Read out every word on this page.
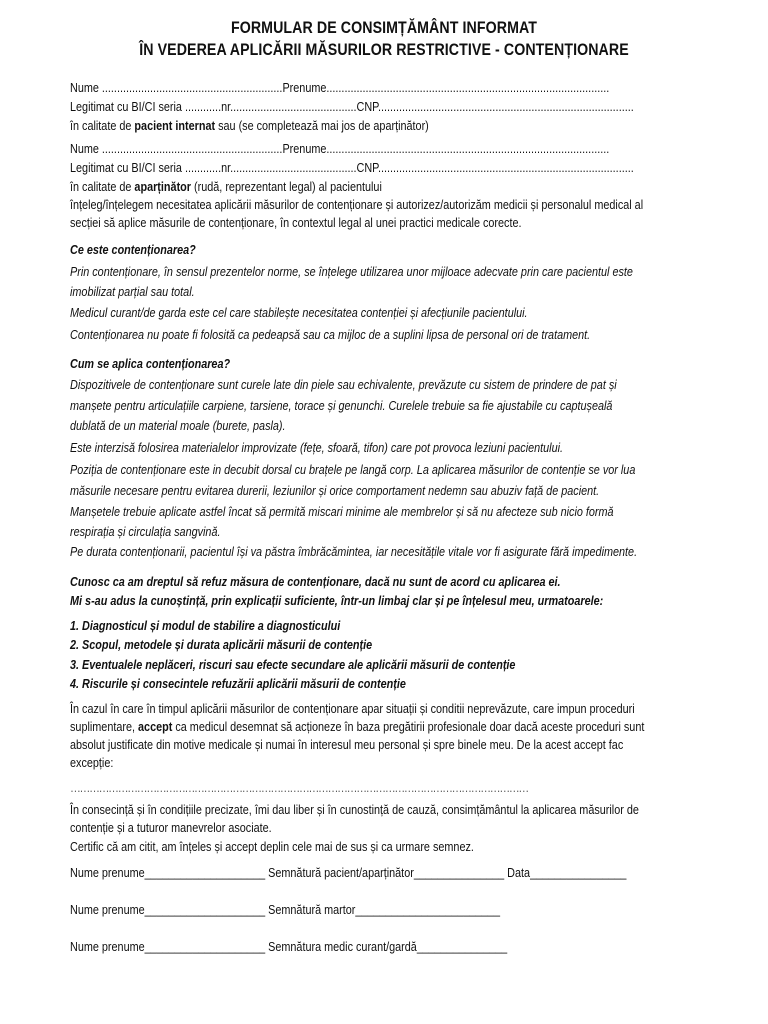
FORMULAR DE CONSIMȚĂMÂNT INFORMAT
ÎN VEDEREA APLICĂRII MĂSURILOR RESTRICTIVE - CONTENȚIONARE
Nume ............................................................Prenume..............................................................................................
Legitimat cu BI/CI seria ............nr..........................................CNP.....................................................................................
în calitate de pacient internat sau (se completează mai jos de aparținător)
Nume ............................................................Prenume..............................................................................................
Legitimat cu BI/CI seria ............nr..........................................CNP.....................................................................................
în calitate de aparținător (rudă, reprezentant legal) al pacientului
înțeleg/înțelegem necesitatea aplicării măsurilor de contenționare și autorizez/autorizăm medicii și personalul medical al
secției să aplice măsurile de contenționare, în contextul legal al unei practici medicale corecte.
Ce este contenționarea?
Prin contenționare, în sensul prezentelor norme, se înțelege utilizarea unor mijloace adecvate prin care pacientul este
imobilizat parțial sau total.
Medicul curant/de garda este cel care stabilește necesitatea contenției și afecțiunile pacientului.
Contenționarea nu poate fi folosită ca pedeapsă sau ca mijloc de a suplini lipsa de personal ori de tratament.
Cum se aplica contenționarea?
Dispozitivele de contenționare sunt curele late din piele sau echivalente, prevăzute cu sistem de prindere de pat și
manșete pentru articulațiile carpiene, tarsiene, torace și genunchi. Curelele trebuie sa fie ajustabile cu captușeală
dublată de un material moale (burete, pasla).
Este interzisă folosirea materialelor improvizate (fețe, sfoară, tifon) care pot provoca leziuni pacientului.
Poziția de contenționare este in decubit dorsal cu brațele pe langă corp. La aplicarea măsurilor de contenție se vor lua
măsurile necesare pentru evitarea durerii, leziunilor și orice comportament nedemn sau abuziv față de pacient.
Manșetele trebuie aplicate astfel încat să permită miscari minime ale membrelor și să nu afecteze sub nicio formă
respirația și circulația sangvină.
Pe durata contenționarii, pacientul își va păstra îmbrăcămintea, iar necesitățile vitale vor fi asigurate fără impedimente.
Cunosc ca am dreptul să refuz măsura de contenționare, dacă nu sunt de acord cu aplicarea ei.
Mi s-au adus la cunoștință, prin explicații suficiente, într-un limbaj clar și pe înțelesul meu, urmatoarele:
1. Diagnosticul și modul de stabilire a diagnosticului
2. Scopul, metodele și durata aplicării măsurii de contenție
3. Eventualele neplăceri, riscuri sau efecte secundare ale aplicării măsurii de contenție
4. Riscurile și consecintele refuzării aplicării măsurii de contenție
În cazul în care în timpul aplicării măsurilor de contenționare apar situații și conditii neprevăzute, care impun proceduri
suplimentare, accept ca medicul desemnat să acționeze în baza pregătirii profesionale doar dacă aceste proceduri sunt
absolut justificate din motive medicale și numai în interesul meu personal și spre binele meu. De la acest accept fac
excepție:
………………………………………………………………………………………………………………………………
În consecință și în condițiile precizate, îmi dau liber și în cunostință de cauză, consimțământul la aplicarea măsurilor de
contenție și a tuturor manevrelor asociate.
Certific că am citit, am înțeles și accept deplin cele mai de sus și ca urmare semnez.
Nume prenume____________________ Semnătură pacient/aparținător_______________ Data________________
Nume prenume____________________ Semnătură martor________________________
Nume prenume____________________ Semnătura medic curant/gardă_______________
